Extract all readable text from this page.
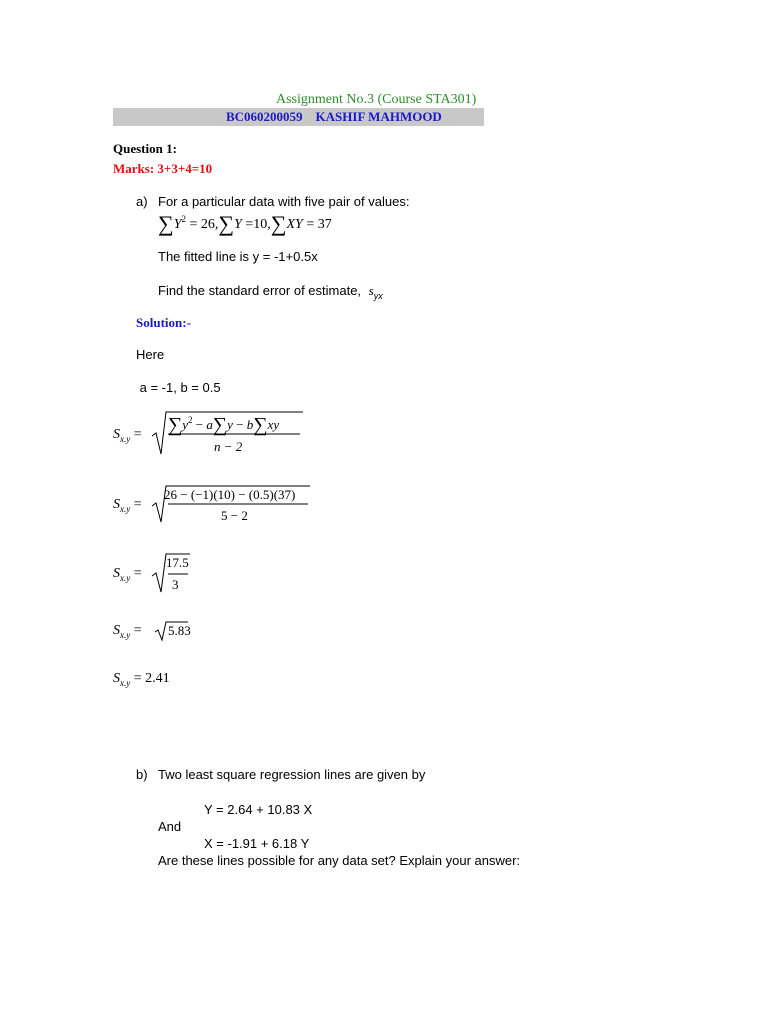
Assignment No.3 (Course STA301)
BC060200059    KASHIF MAHMOOD
Question 1:
Marks: 3+3+4=10
a) For a particular data with five pair of values:
$\sum Y^2 = 26,\sum Y =10,\sum XY = 37$
The fitted line is y = -1+0.5x
Find the standard error of estimate, $s_{yx}$
Solution:-
Here
a = -1, b = 0.5
$S_{x.y} = \sum y^2 - a\sum y - b\sum xy$
n − 2
$S_{x.y}$ =
26 − (−1)(10) − (0.5)(37)
5 − 2
$S_{x.y}$ =
17.5
3
$S_{x.y} = 5.83$
$S_{x.y} = 2.41$
b) Two least square regression lines are given by
Y = 2.64 + 10.83 X
And
X = -1.91 + 6.18 Y
Are these lines possible for any data set? Explain your answer:
